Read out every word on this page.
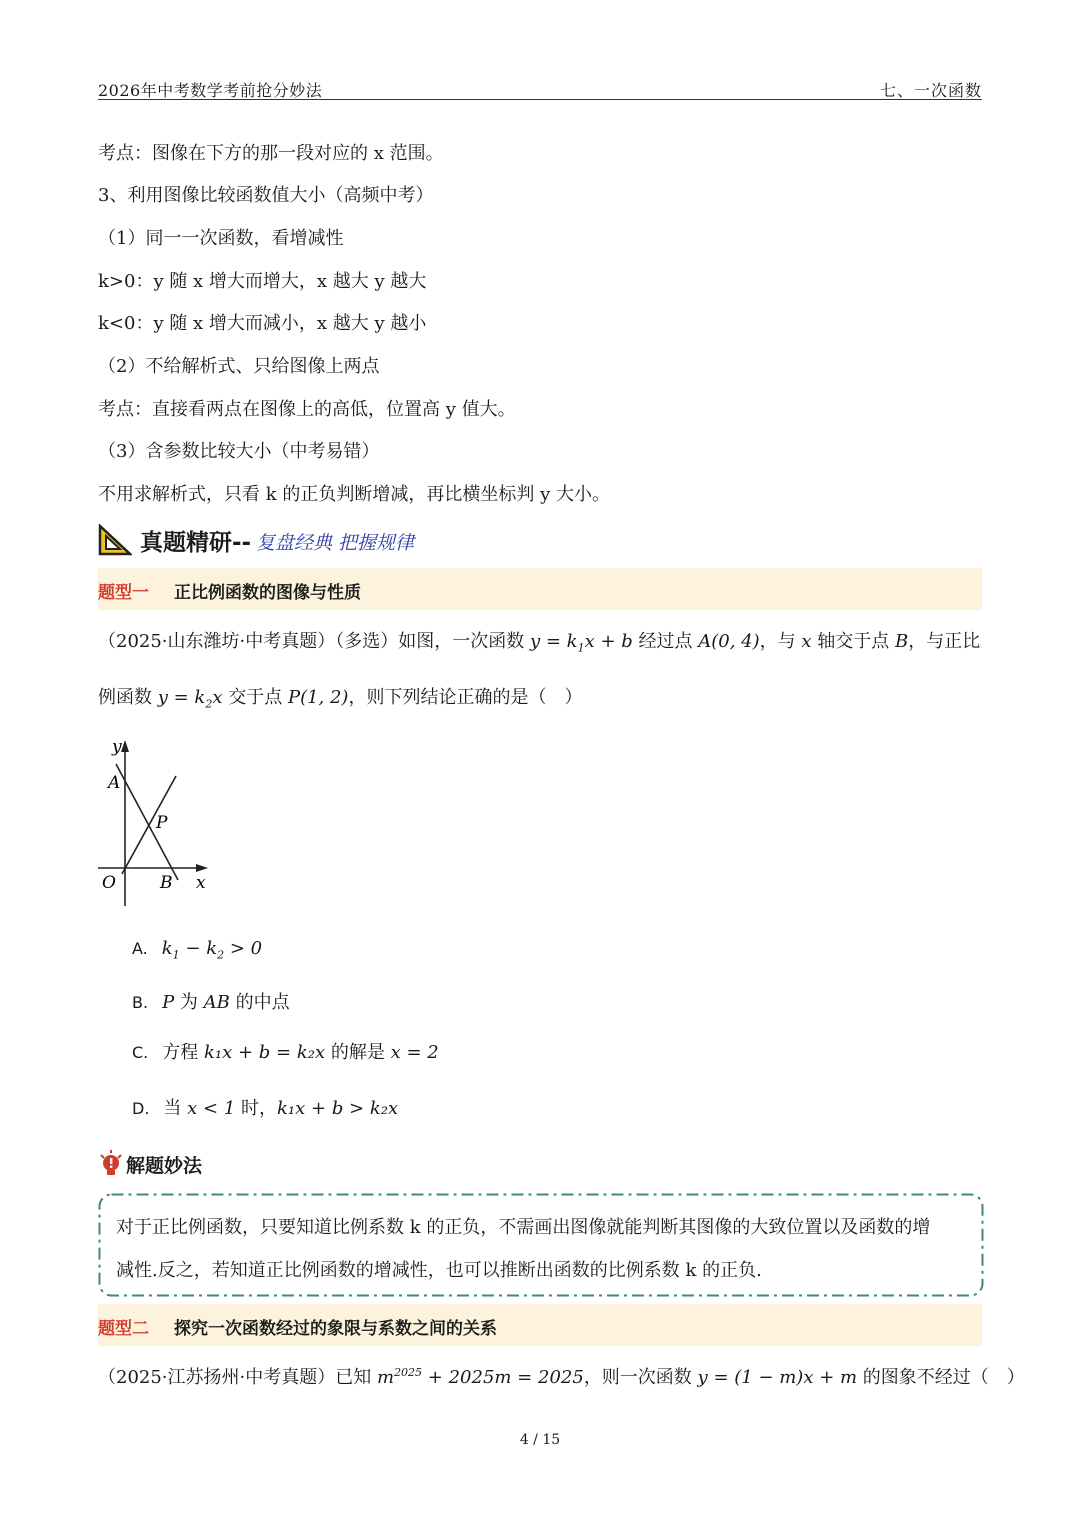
2026年中考数学考前抢分妙法	七、一次函数
考点：图像在下方的那一段对应的 x 范围。
3、利用图像比较函数值大小（高频中考）
（1）同一一次函数，看增减性
k>0：y 随 x 增大而增大，x 越大 y 越大
k<0：y 随 x 增大而减小，x 越大 y 越小
（2）不给解析式、只给图像上两点
考点：直接看两点在图像上的高低，位置高 y 值大。
（3）含参数比较大小（中考易错）
不用求解析式，只看 k 的正负判断增减，再比横坐标判 y 大小。
真题精研-- 复盘经典 把握规律
题型一 正比例函数的图像与性质
（2025·山东潍坊·中考真题）（多选）如图，一次函数 $y = k_1x + b$ 经过点 A(0, 4)，与 x 轴交于点 B，与正比
例函数 $y = k_2x$ 交于点 P(1, 2)，则下列结论正确的是（　）
y
A
P
O	B x
A. $k_1 - k_2 > 0$
B. P 为 AB 的中点
C. 方程 k₁x + b = k₂x 的解是 x = 2
D. 当 x < 1 时，k₁x + b > k₂x
解题妙法
对于正比例函数，只要知道比例系数 k 的正负，不需画出图像就能判断其图像的大致位置以及函数的增
减性.反之，若知道正比例函数的增减性，也可以推断出函数的比例系数 k 的正负.
题型二 探究一次函数经过的象限与系数之间的关系
（2025·江苏扬州·中考真题）已知 $m^{2025} + 2025m = 2025$，则一次函数 y = (1 − m)x + m 的图象不经过（　）
4 / 15
